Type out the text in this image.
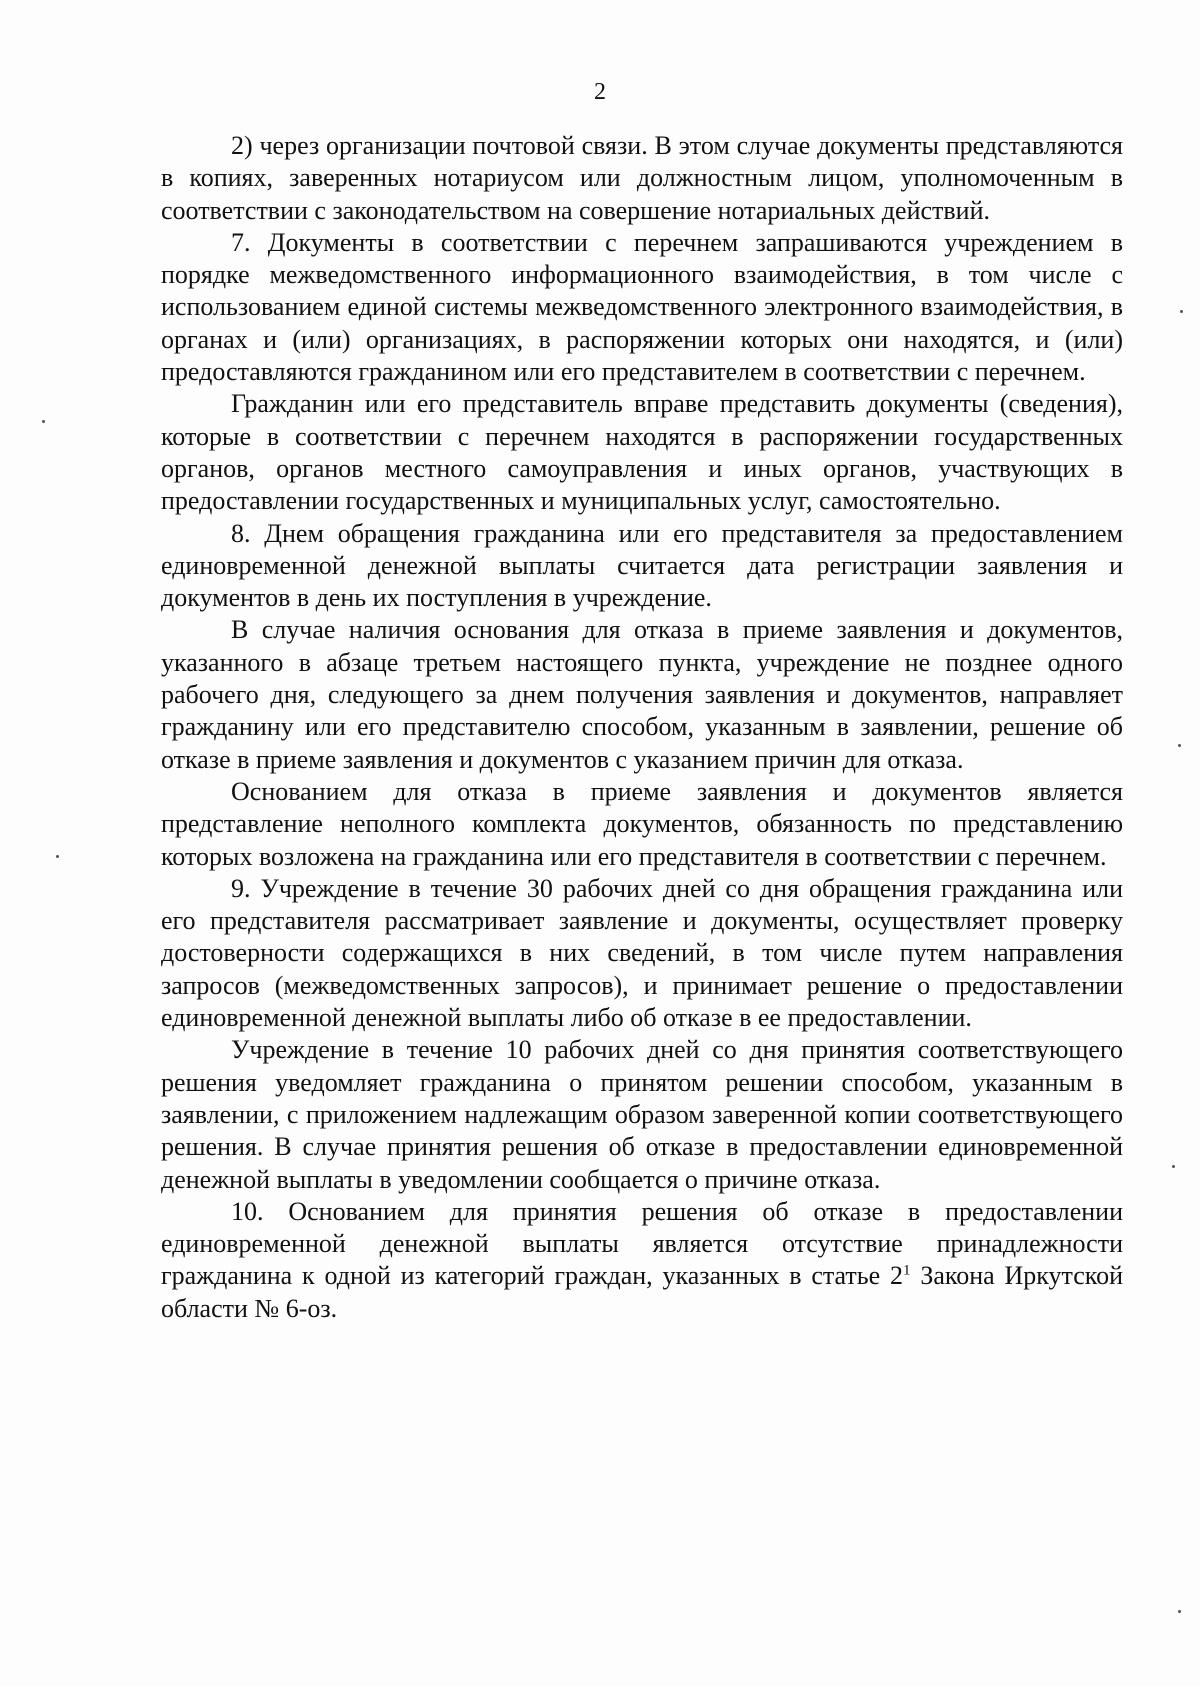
2

2) через организации почтовой связи. В этом случае документы представляются в копиях, заверенных нотариусом или должностным лицом, уполномоченным в соответствии с законодательством на совершение нотариальных действий.

7. Документы в соответствии с перечнем запрашиваются учреждением в порядке межведомственного информационного взаимодействия, в том числе с использованием единой системы межведомственного электронного взаимодействия, в органах и (или) организациях, в распоряжении которых они находятся, и (или) предоставляются гражданином или его представителем в соответствии с перечнем.

Гражданин или его представитель вправе представить документы (сведения), которые в соответствии с перечнем находятся в распоряжении государственных органов, органов местного самоуправления и иных органов, участвующих в предоставлении государственных и муниципальных услуг, самостоятельно.

8. Днем обращения гражданина или его представителя за предоставлением единовременной денежной выплаты считается дата регистрации заявления и документов в день их поступления в учреждение.

В случае наличия основания для отказа в приеме заявления и документов, указанного в абзаце третьем настоящего пункта, учреждение не позднее одного рабочего дня, следующего за днем получения заявления и документов, направляет гражданину или его представителю способом, указанным в заявлении, решение об отказе в приеме заявления и документов с указанием причин для отказа.

Основанием для отказа в приеме заявления и документов является представление неполного комплекта документов, обязанность по представлению которых возложена на гражданина или его представителя в соответствии с перечнем.

9. Учреждение в течение 30 рабочих дней со дня обращения гражданина или его представителя рассматривает заявление и документы, осуществляет проверку достоверности содержащихся в них сведений, в том числе путем направления запросов (межведомственных запросов), и принимает решение о предоставлении единовременной денежной выплаты либо об отказе в ее предоставлении.

Учреждение в течение 10 рабочих дней со дня принятия соответствующего решения уведомляет гражданина о принятом решении способом, указанным в заявлении, с приложением надлежащим образом заверенной копии соответствующего решения. В случае принятия решения об отказе в предоставлении единовременной денежной выплаты в уведомлении сообщается о причине отказа.

10. Основанием для принятия решения об отказе в предоставлении единовременной денежной выплаты является отсутствие принадлежности гражданина к одной из категорий граждан, указанных в статье $2^1$ Закона Иркутской области № 6-оз.
